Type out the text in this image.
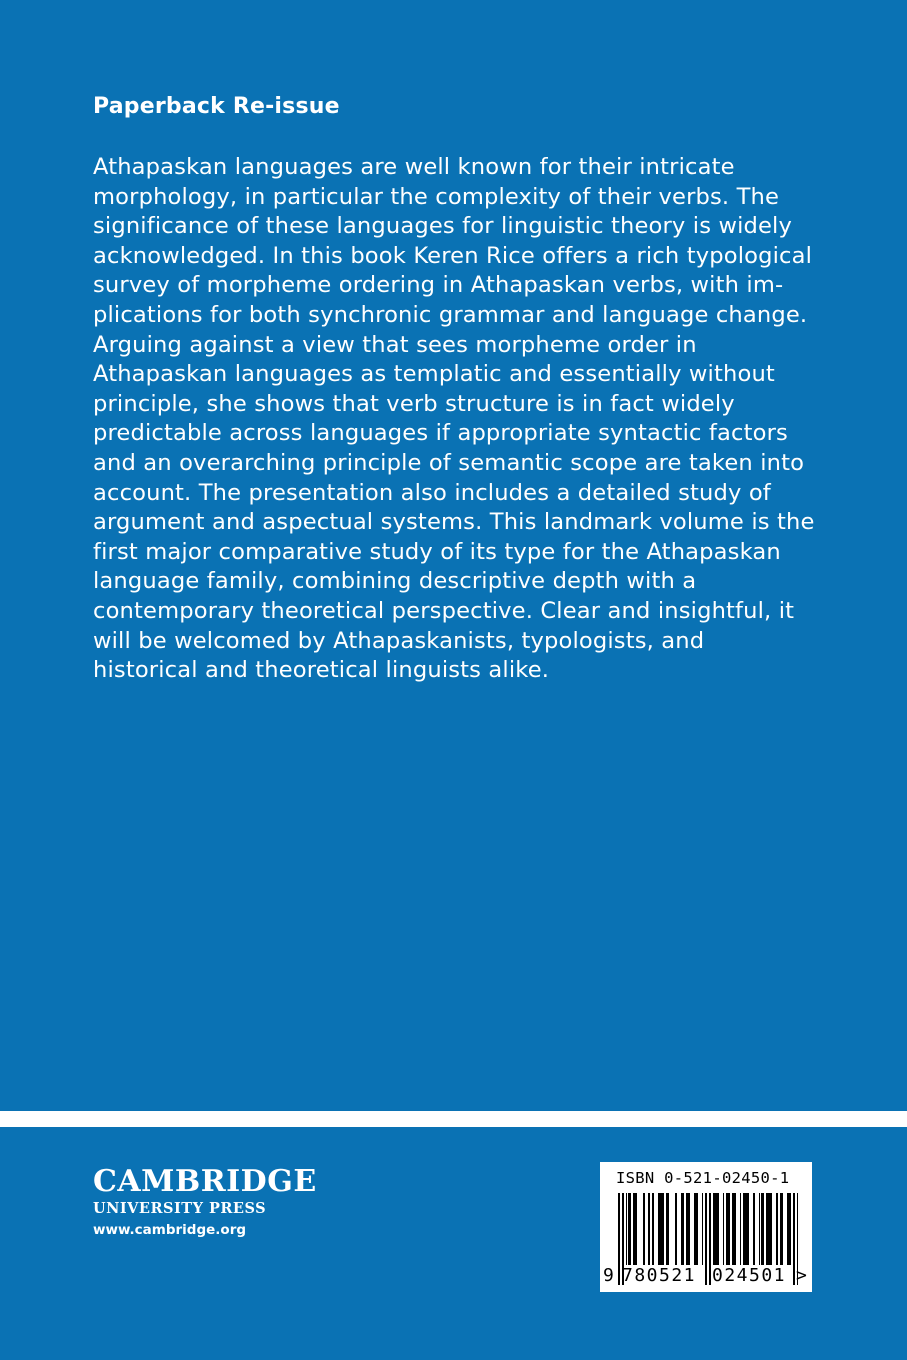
Paperback Re-issue
Athapaskan languages are well known for their intricate
morphology, in particular the complexity of their verbs. The
significance of these languages for linguistic theory is widely
acknowledged. In this book Keren Rice offers a rich typological
survey of morpheme ordering in Athapaskan verbs, with im-
plications for both synchronic grammar and language change.
Arguing against a view that sees morpheme order in
Athapaskan languages as templatic and essentially without
principle, she shows that verb structure is in fact widely
predictable across languages if appropriate syntactic factors
and an overarching principle of semantic scope are taken into
account. The presentation also includes a detailed study of
argument and aspectual systems. This landmark volume is the
first major comparative study of its type for the Athapaskan
language family, combining descriptive depth with a
contemporary theoretical perspective. Clear and insightful, it
will be welcomed by Athapaskanists, typologists, and
historical and theoretical linguists alike.
CAMBRIDGE
UNIVERSITY PRESS
www.cambridge.org
ISBN 0-521-02450-1
9 780521 024501 >
